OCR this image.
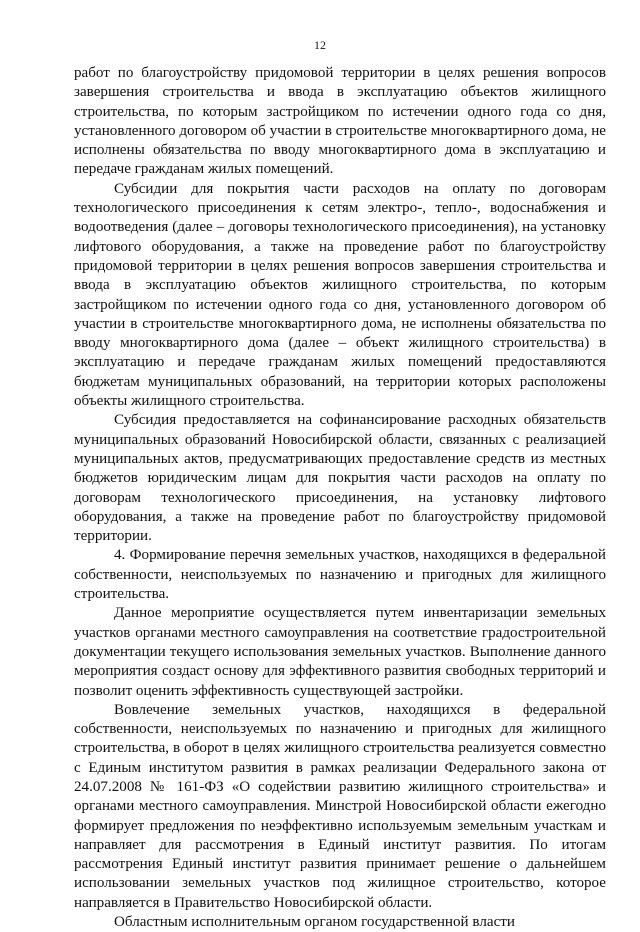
12

работ по благоустройству придомовой территории в целях решения вопросов завершения строительства и ввода в эксплуатацию объектов жилищного строительства, по которым застройщиком по истечении одного года со дня, установленного договором об участии в строительстве многоквартирного дома, не исполнены обязательства по вводу многоквартирного дома в эксплуатацию и передаче гражданам жилых помещений.

Субсидии для покрытия части расходов на оплату по договорам технологического присоединения к сетям электро-, тепло-, водоснабжения и водоотведения (далее – договоры технологического присоединения), на установку лифтового оборудования, а также на проведение работ по благоустройству придомовой территории в целях решения вопросов завершения строительства и ввода в эксплуатацию объектов жилищного строительства, по которым застройщиком по истечении одного года со дня, установленного договором об участии в строительстве многоквартирного дома, не исполнены обязательства по вводу многоквартирного дома (далее – объект жилищного строительства) в эксплуатацию и передаче гражданам жилых помещений предоставляются бюджетам муниципальных образований, на территории которых расположены объекты жилищного строительства.

Субсидия предоставляется на софинансирование расходных обязательств муниципальных образований Новосибирской области, связанных с реализацией муниципальных актов, предусматривающих предоставление средств из местных бюджетов юридическим лицам для покрытия части расходов на оплату по договорам технологического присоединения, на установку лифтового оборудования, а также на проведение работ по благоустройству придомовой территории.

4. Формирование перечня земельных участков, находящихся в федеральной собственности, неиспользуемых по назначению и пригодных для жилищного строительства.

Данное мероприятие осуществляется путем инвентаризации земельных участков органами местного самоуправления на соответствие градостроительной документации текущего использования земельных участков. Выполнение данного мероприятия создаст основу для эффективного развития свободных территорий и позволит оценить эффективность существующей застройки.

Вовлечение земельных участков, находящихся в федеральной собственности, неиспользуемых по назначению и пригодных для жилищного строительства, в оборот в целях жилищного строительства реализуется совместно с Единым институтом развития в рамках реализации Федерального закона от 24.07.2008 № 161-ФЗ «О содействии развитию жилищного строительства» и органами местного самоуправления. Минстрой Новосибирской области ежегодно формирует предложения по неэффективно используемым земельным участкам и направляет для рассмотрения в Единый институт развития. По итогам рассмотрения Единый институт развития принимает решение о дальнейшем использовании земельных участков под жилищное строительство, которое направляется в Правительство Новосибирской области.

Областным исполнительным органом государственной власти
